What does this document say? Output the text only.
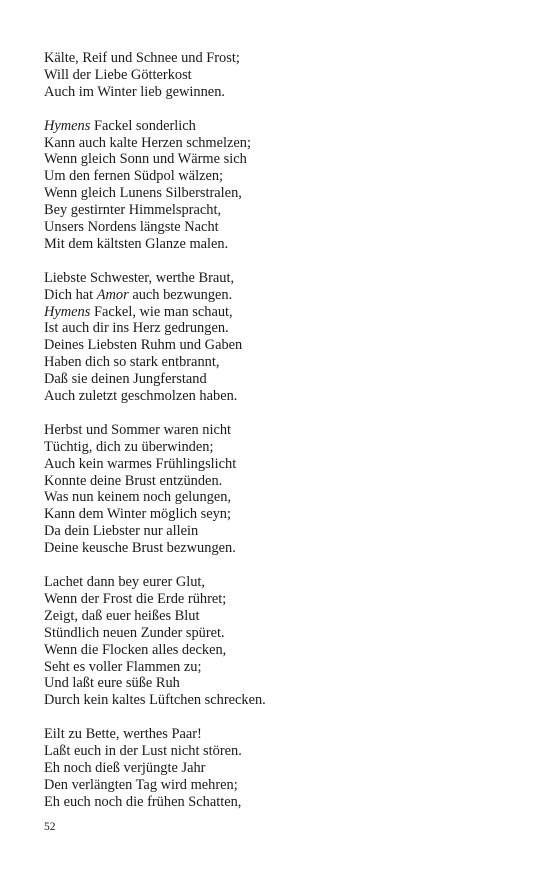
Kälte, Reif und Schnee und Frost;
Will der Liebe Götterkost
Auch im Winter lieb gewinnen.
Hymens Fackel sonderlich
Kann auch kalte Herzen schmelzen;
Wenn gleich Sonn und Wärme sich
Um den fernen Südpol wälzen;
Wenn gleich Lunens Silberstralen,
Bey gestirnter Himmelspracht,
Unsers Nordens längste Nacht
Mit dem kältsten Glanze malen.
Liebste Schwester, werthe Braut,
Dich hat Amor auch bezwungen.
Hymens Fackel, wie man schaut,
Ist auch dir ins Herz gedrungen.
Deines Liebsten Ruhm und Gaben
Haben dich so stark entbrannt,
Daß sie deinen Jungferstand
Auch zuletzt geschmolzen haben.
Herbst und Sommer waren nicht
Tüchtig, dich zu überwinden;
Auch kein warmes Frühlingslicht
Konnte deine Brust entzünden.
Was nun keinem noch gelungen,
Kann dem Winter möglich seyn;
Da dein Liebster nur allein
Deine keusche Brust bezwungen.
Lachet dann bey eurer Glut,
Wenn der Frost die Erde rühret;
Zeigt, daß euer heißes Blut
Stündlich neuen Zunder spüret.
Wenn die Flocken alles decken,
Seht es voller Flammen zu;
Und laßt eure süße Ruh
Durch kein kaltes Lüftchen schrecken.
Eilt zu Bette, werthes Paar!
Laßt euch in der Lust nicht stören.
Eh noch dieß verjüngte Jahr
Den verlängten Tag wird mehren;
Eh euch noch die frühen Schatten,
52
